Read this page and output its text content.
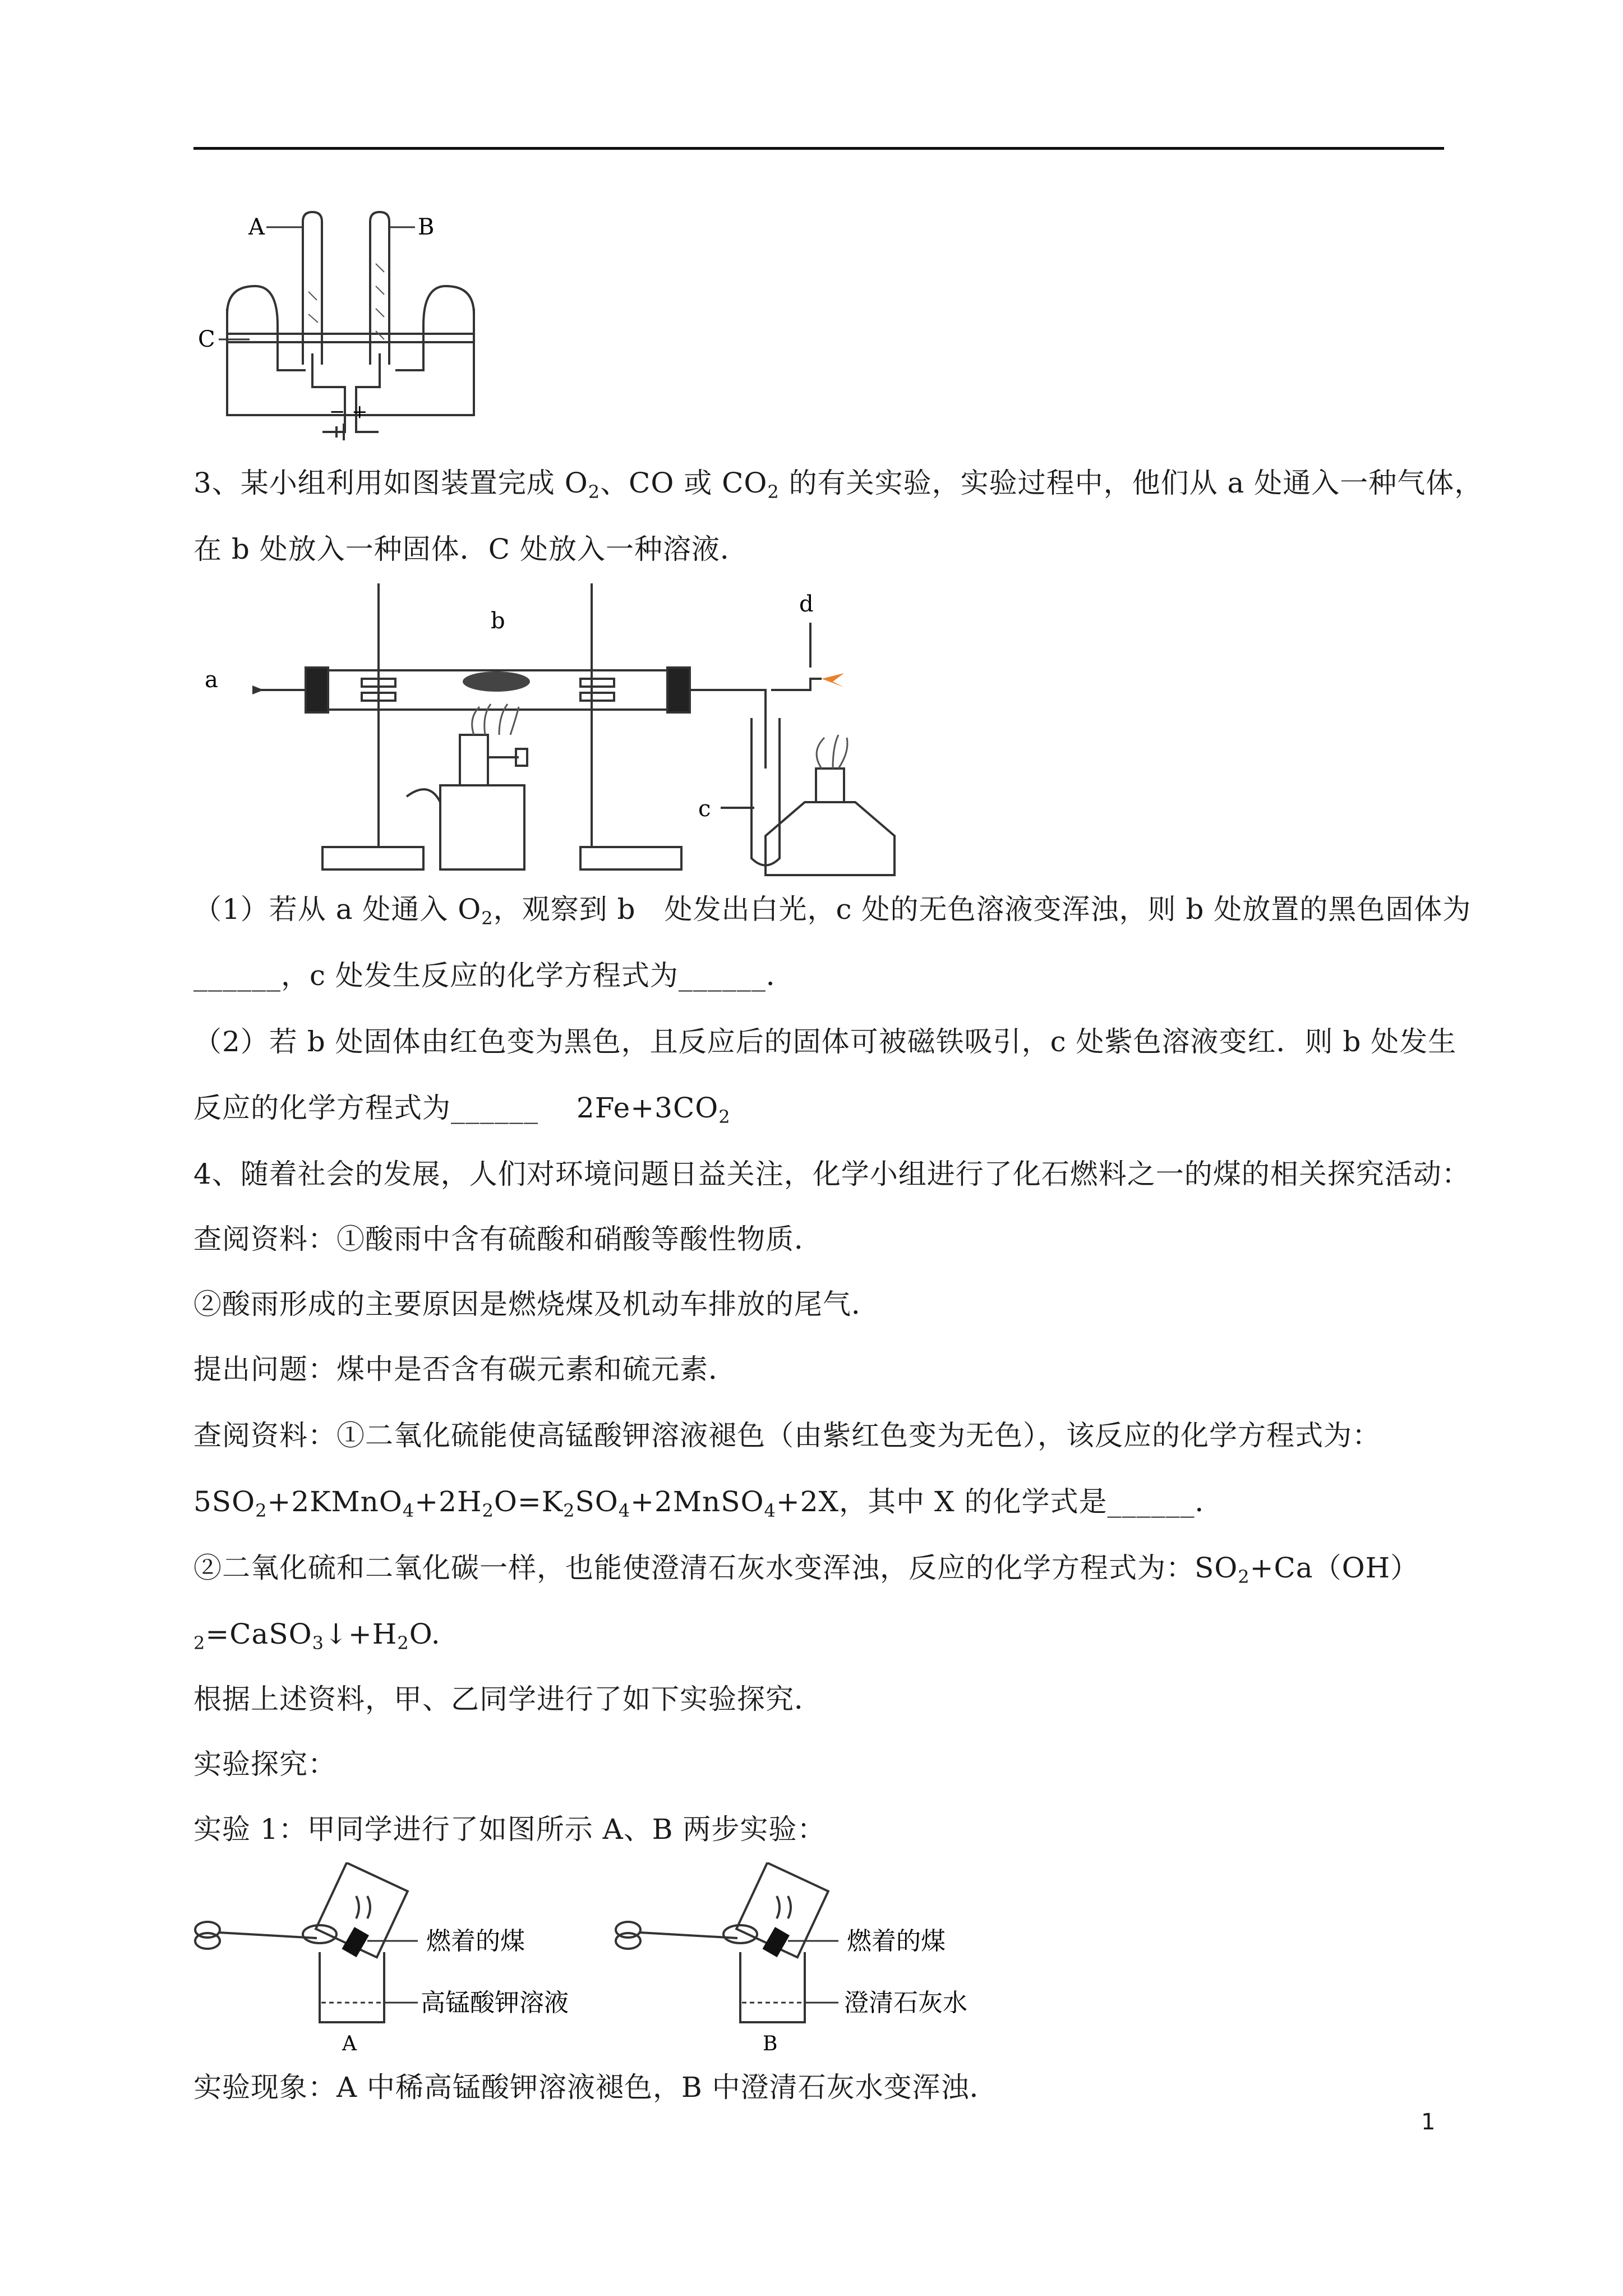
A	B
C
− +
3、某小组利用如图装置完成 $O_2$、CO 或 $CO_2$ 的有关实验，实验过程中，他们从 a 处通入一种气体，
在 b 处放入一种固体．C 处放入一种溶液．
a
b
c
d
（1）若从 a 处通入 $O_2$，观察到 b　处发出白光，c 处的无色溶液变浑浊，则 b 处放置的黑色固体为
______，c 处发生反应的化学方程式为______．
（2）若 b 处固体由红色变为黑色，且反应后的固体可被磁铁吸引，c 处紫色溶液变红．则 b 处发生
反应的化学方程式为______　 $2Fe+3CO_2$
4、随着社会的发展，人们对环境问题日益关注，化学小组进行了化石燃料之一的煤的相关探究活动：
查阅资料：①酸雨中含有硫酸和硝酸等酸性物质．
②酸雨形成的主要原因是燃烧煤及机动车排放的尾气．
提出问题：煤中是否含有碳元素和硫元素．
查阅资料：①二氧化硫能使高锰酸钾溶液褪色（由紫红色变为无色），该反应的化学方程式为：
$5SO_2+2KMnO_4+2H_2O=K_2SO_4+2MnSO_4+2X$，其中 X 的化学式是______．
②二氧化硫和二氧化碳一样，也能使澄清石灰水变浑浊，反应的化学方程式为：$SO_2+Ca(OH)$
$_2=CaSO_3↓+H_2O$.
根据上述资料，甲、乙同学进行了如下实验探究．
实验探究：
实验 1：甲同学进行了如图所示 A、B 两步实验：
燃着的煤
高锰酸钾溶液
A
燃着的煤
澄清石灰水
B
实验现象：A 中稀高锰酸钾溶液褪色，B 中澄清石灰水变浑浊．
1
